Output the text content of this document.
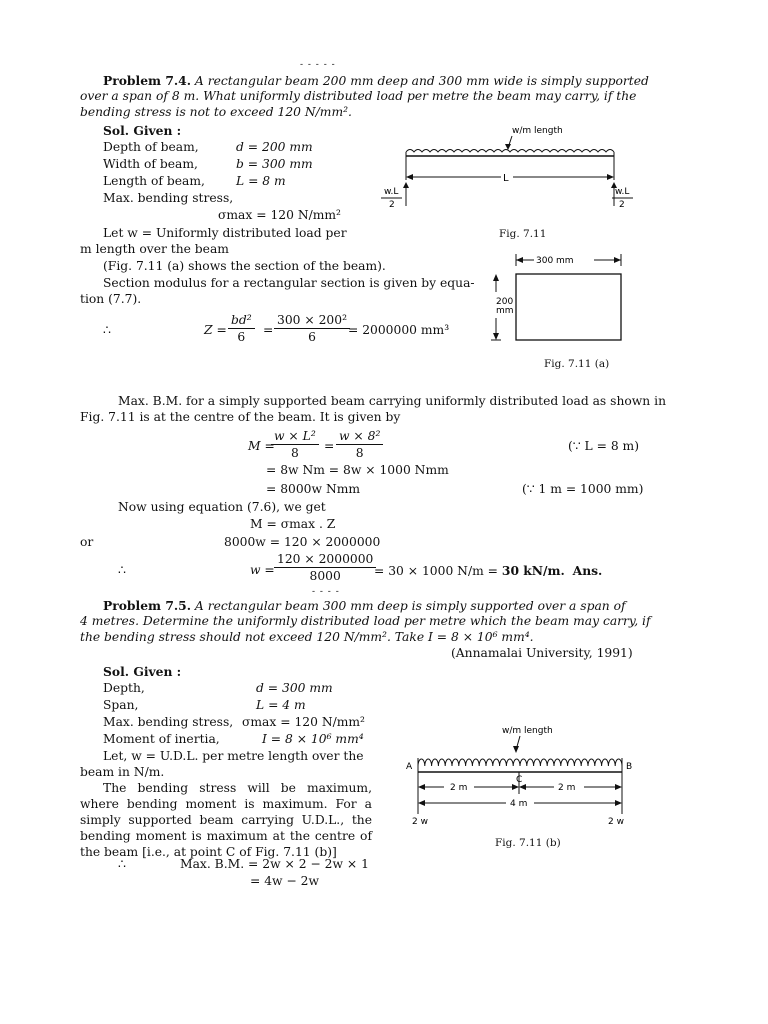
- - - - -
Problem 7.4. A rectangular beam 200 mm deep and 300 mm wide is simply supported
over a span of 8 m. What uniformly distributed load per metre the beam may carry, if the
bending stress is not to exceed 120 N/mm².
Sol. Given :
Depth of beam,	d = 200 mm
Width of beam,	b = 300 mm
Length of beam,	L = 8 m
Max. bending stress,
σmax = 120 N/mm²
Let w = Uniformly distributed load per
m length over the beam
(Fig. 7.11 (a) shows the section of the beam).
Section modulus for a rectangular section is given by equa-
tion (7.7).
∴	$Z = \frac{\text{bd²}}{6} = \frac{\text{300 × 200²}}{6}$
= 2000000 mm³
w/m length
L
w.L
2
w.L
2
Fig. 7.11
300 mm
200
mm
Fig. 7.11 (a)
Max. B.M. for a simply supported beam carrying uniformly distributed load as shown in
Fig. 7.11 is at the centre of the beam. It is given by
M =
$\frac{\text{w × L²}}{8} = \frac{\text{w × 8²}}{8}$	(∵ L = 8 m)
= 8w Nm = 8w × 1000 Nmm
= 8000w Nmm	(∵ 1 m = 1000 mm)
Now using equation (7.6), we get
M = σmax . Z
or	8000w = 120 × 2000000
∴	$w = \frac{120 \times 2000000}{8000}$
= 30 × 1000 N/m = 30 kN/m. Ans.
- - - -
Problem 7.5. A rectangular beam 300 mm deep is simply supported over a span of
4 metres. Determine the uniformly distributed load per metre which the beam may carry, if
the bending stress should not exceed 120 N/mm². Take I = 8 × 10⁶ mm⁴.
(Annamalai University, 1991)
Sol. Given :
Depth,	d = 300 mm
Span,	L = 4 m
Max. bending stress, σmax = 120 N/mm²
Moment of inertia,	I = 8 × 10⁶ mm⁴
Let, w = U.D.L. per metre length over the
beam in N/m.
The bending stress will be maximum, where bending moment is maximum. For a simply supported beam carrying U.D.L., the bending moment is maximum at the centre of the beam [i.e., at point C of Fig. 7.11 (b)]
∴	Max. B.M. = 2w × 2 − 2w × 1
= 4w − 2w
w/m length
A	B
C
2 m	2 m
4 m
2 w	2 w
Fig. 7.11 (b)
